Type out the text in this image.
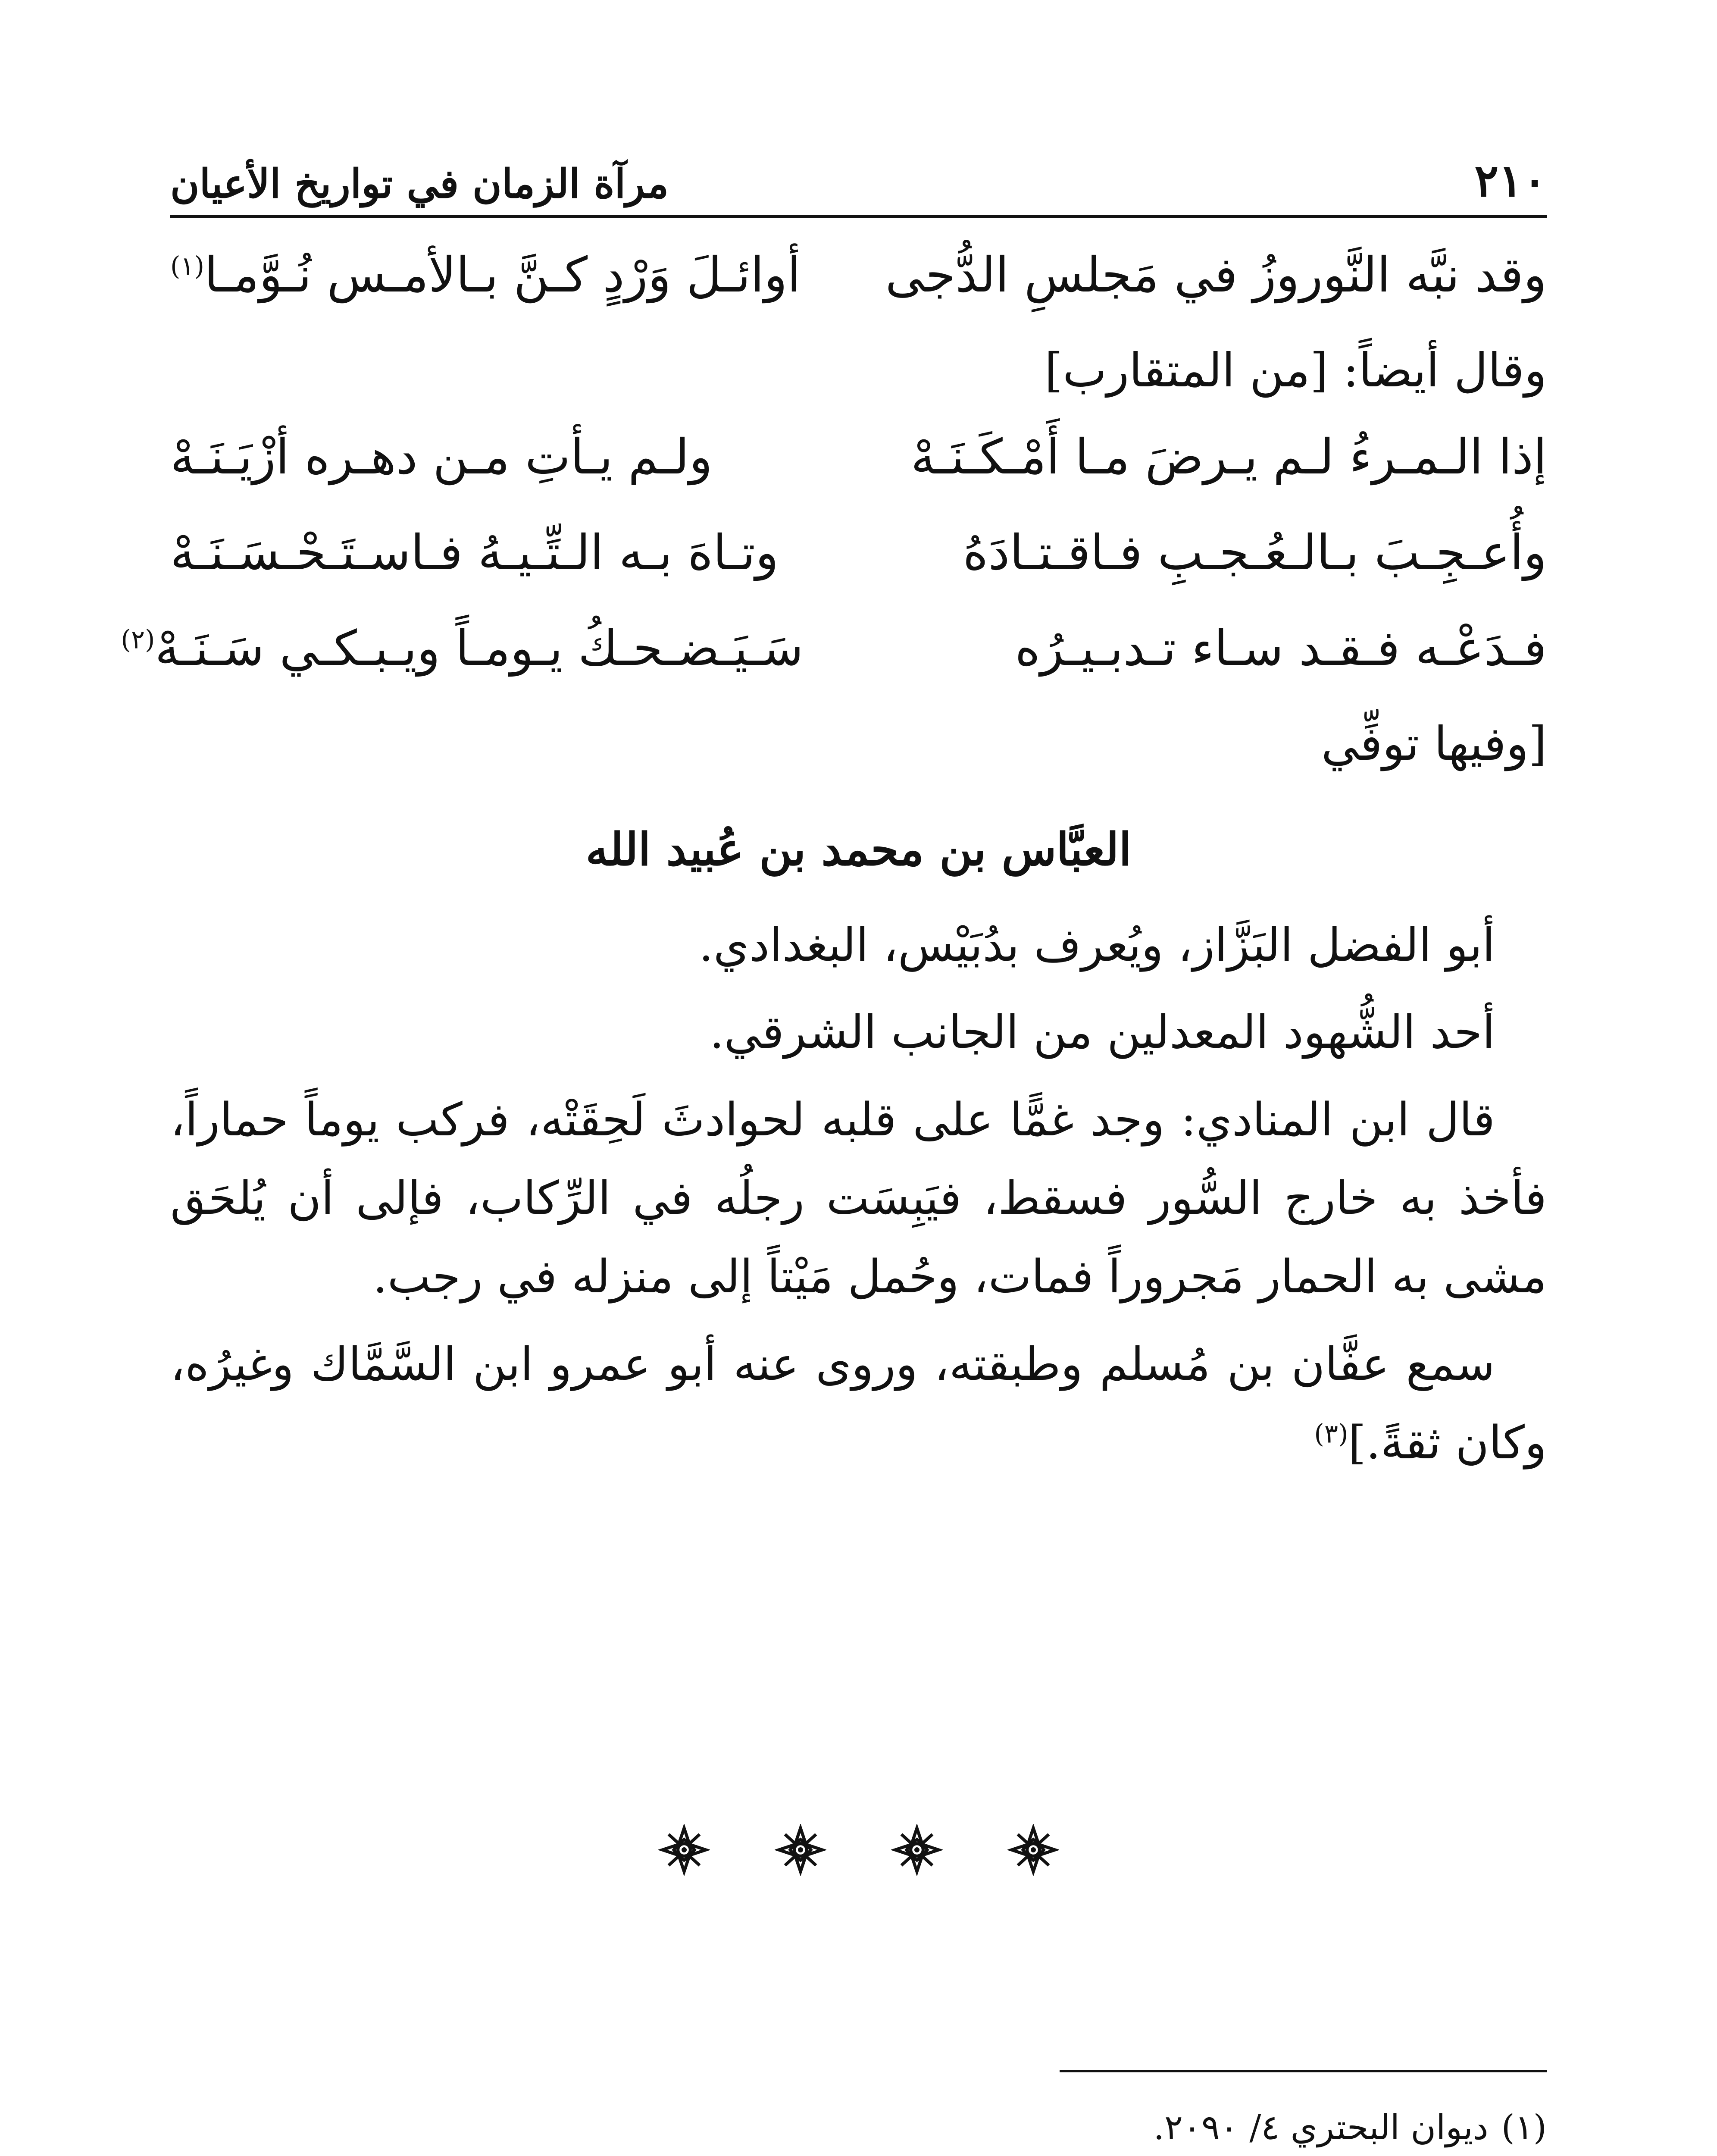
٢١٠
مرآة الزمان في تواريخ الأعيان
وقد نبَّه النَّوروزُ في مَجلسِ الدُّجى
أوائـلَ وَرْدٍ كـنَّ بـالأمـس نُـوَّمـا$^{(١)}$
وقال أيضاً: [من المتقارب]
إذا الـمـرءُ لـم يـرضَ مـا أَمْـكَـنَـهْ
ولـم يـأتِ مـن دهـره أزْيَـنَـهْ
وأُعـجِـبَ بـالـعُـجـبِ فـاقـتـادَهُ
وتـاهَ بـه الـتِّـيـهُ فـاسـتَـحْـسَـنَـهْ
فـدَعْـه فـقـد سـاء تـدبـيـرُه
سَـيَـضـحـكُ يـومـاً ويـبـكـي سَـنَـهْ$^{(٢)}$
[وفيها توفِّي
العبَّاس بن محمد بن عُبيد الله

أبو الفضل البَزَّاز، ويُعرف بدُبَيْس، البغدادي.

أحد الشُّهود المعدلين من الجانب الشرقي.

قال ابن المنادي: وجد غمًّا على قلبه لحوادثَ لَحِقَتْه، فركب يوماً حماراً، فأخذ به خارج السُّور فسقط، فيَبِسَت رجلُه في الرِّكاب، فإلى أن يُلحَق مشى به الحمار مَجروراً فمات، وحُمل مَيْتاً إلى منزله في رجب.

سمع عفَّان بن مُسلم وطبقته، وروى عنه أبو عمرو ابن السَّمَّاك وغيرُه، وكان ثقةً.]$^{(٣)}$

(١)ديوان البحتري ٤/ ٢٠٩٠.
